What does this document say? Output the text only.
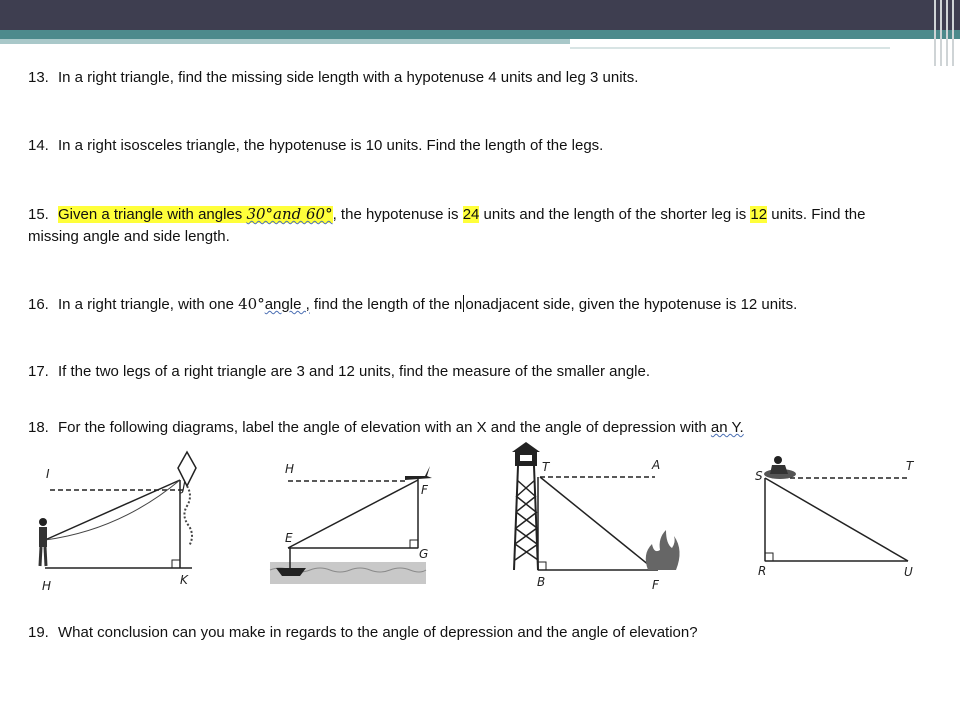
13. In a right triangle, find the missing side length with a hypotenuse 4 units and leg 3 units.
14. In a right isosceles triangle, the hypotenuse is 10 units. Find the length of the legs.
15. Given a triangle with angles 30°and 60°, the hypotenuse is 24 units and the length of the shorter leg is 12 units. Find the
missing angle and side length.
16. In a right triangle, with one 40°angle , find the length of the n onadjacent side, given the hypotenuse is 12 units.
17. If the two legs of a right triangle are 3 and 12 units, find the measure of the smaller angle.
18. For the following diagrams, label the angle of elevation with an X and the angle of depression with an Y.
19. What conclusion can you make in regards to the angle of depression and the angle of elevation?
I
H	K
J
H
F
E
G
T	A
B	F
S
T
R	U
